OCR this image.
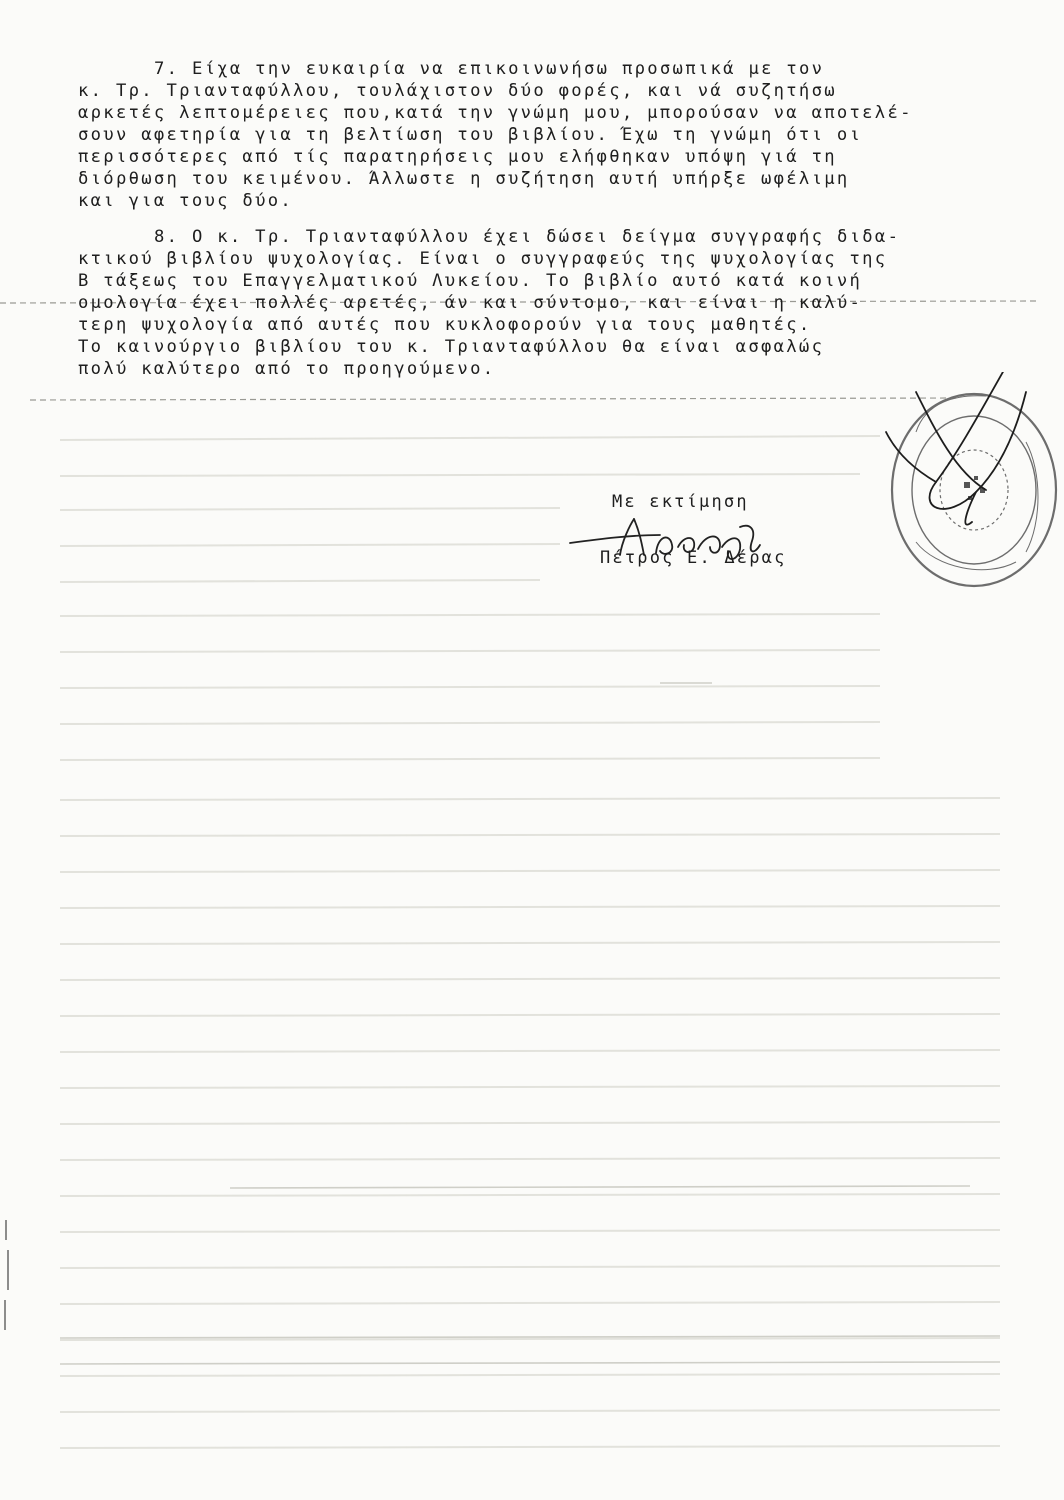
7. Είχα την ευκαιρία να επικοινωνήσω προσωπικά με τον

κ. Τρ. Τριανταφύλλου, τουλάχιστον δύο φορές, και νά συζητήσω

αρκετές λεπτομέρειες που,κατά την γνώμη μου, μπορούσαν να αποτελέ-

σουν αφετηρία για τη βελτίωση του βιβλίου. Έχω τη γνώμη ότι οι

περισσότερες από τίς παρατηρήσεις μου ελήφθηκαν υπόψη γιά τη

διόρθωση του κειμένου. Άλλωστε η συζήτηση αυτή υπήρξε ωφέλιμη

και για τους δύο.

8. Ο κ. Τρ. Τριανταφύλλου έχει δώσει δείγμα συγγραφής διδα-

κτικού βιβλίου ψυχολογίας. Είναι ο συγγραφεύς της ψυχολογίας της

Β τάξεως του Επαγγελματικού Λυκείου. Το βιβλίο αυτό κατά κοινή

ομολογία έχει πολλές αρετές, άν και σύντομο, και είναι η καλύ-

τερη ψυχολογία από αυτές που κυκλοφορούν για τους μαθητές.

Το καινούργιο βιβλίου του κ. Τριανταφύλλου θα είναι ασφαλώς

πολύ καλύτερο από το προηγούμενο.

Με εκτίμηση
Πέτρος Ε. Δέρας
